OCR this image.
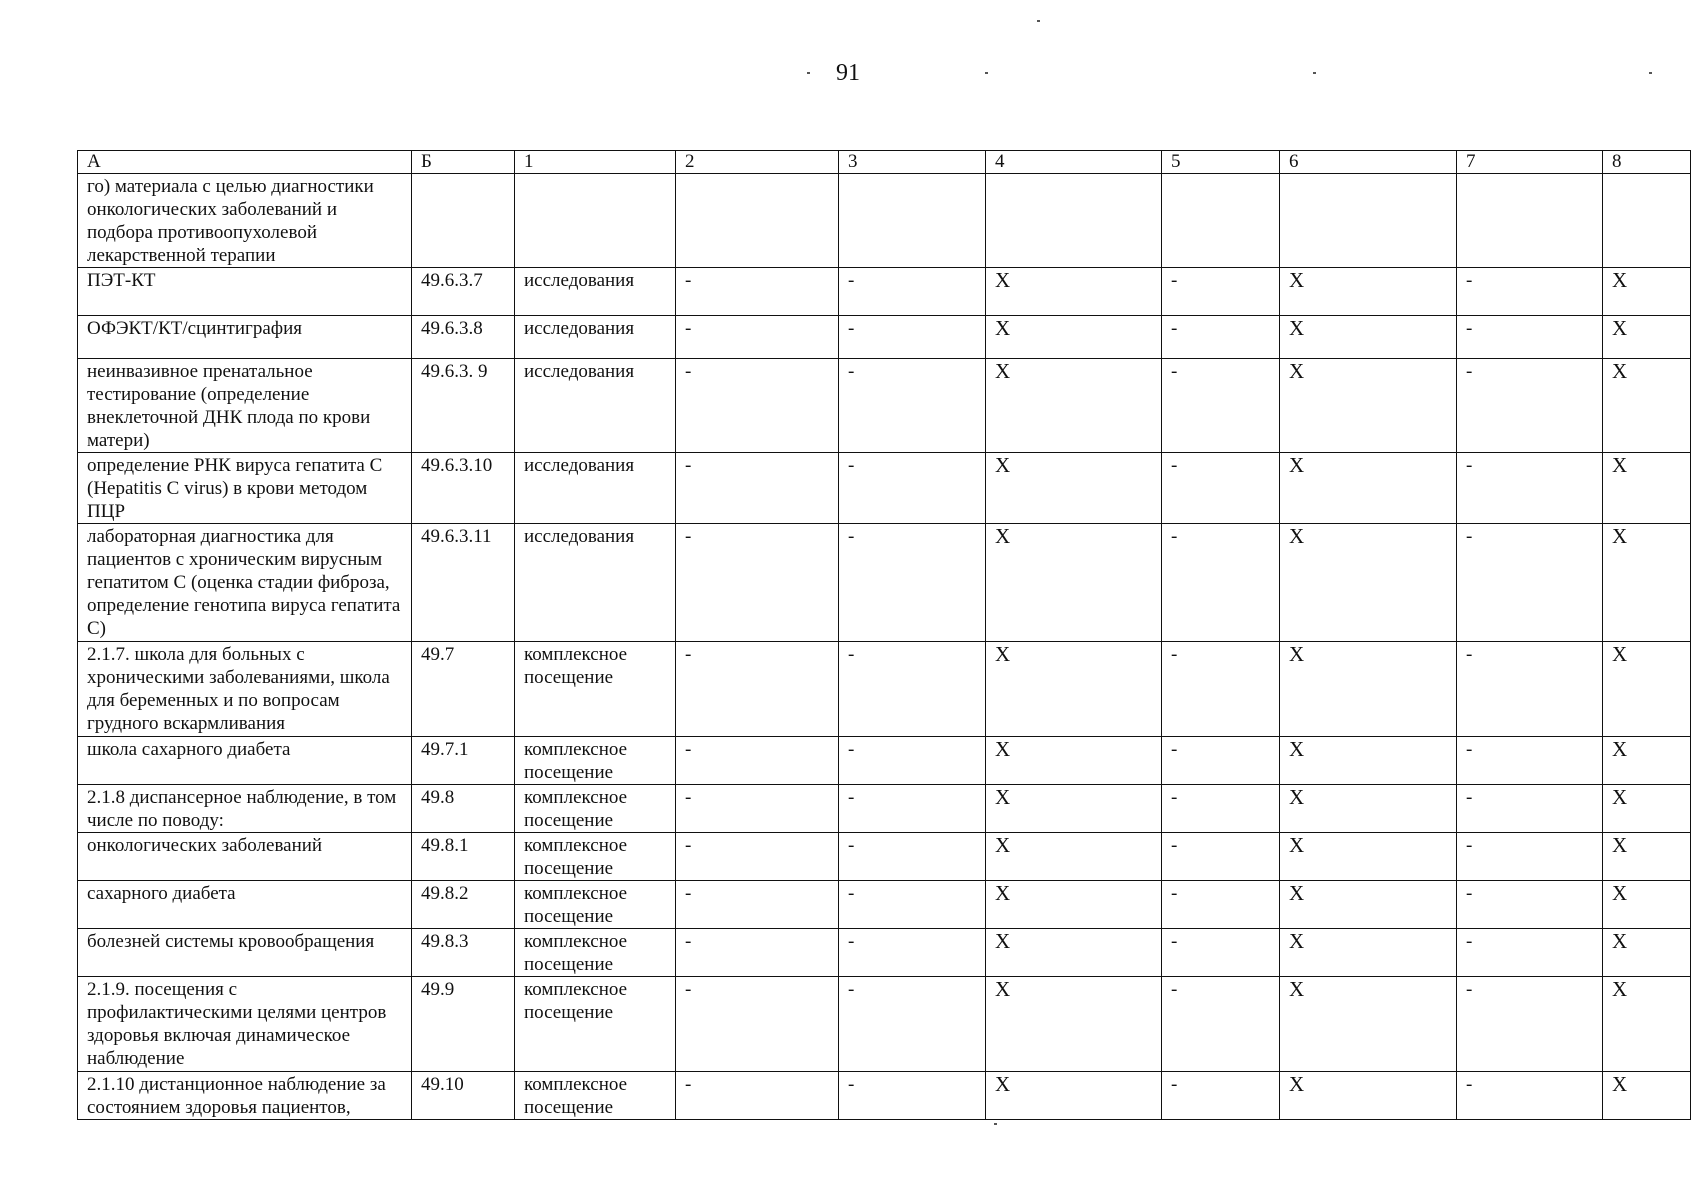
91
А	Б	1	2	3	4	5	6	7	8
го) материала с целью диагностики онкологических заболеваний и подбора противоопухолевой лекарственной терапии									
ПЭТ-КТ	49.6.3.7	исследования	-	-	X	-	X	-	X
ОФЭКТ/КТ/сцинтиграфия	49.6.3.8	исследования	-	-	X	-	X	-	X
неинвазивное пренатальное тестирование (определение внеклеточной ДНК плода по крови матери)	49.6.3. 9	исследования	-	-	X	-	X	-	X
определение РНК вируса гепатита С (Hepatitis C virus) в крови методом ПЦР	49.6.3.10	исследования	-	-	X	-	X	-	X
лабораторная диагностика для пациентов с хроническим вирусным гепатитом С (оценка стадии фиброза, определение генотипа вируса гепатита С)	49.6.3.11	исследования	-	-	X	-	X	-	X
2.1.7. школа для больных с хроническими заболеваниями, школа для беременных и по вопросам грудного вскармливания	49.7	комплексное посещение	-	-	X	-	X	-	X
школа сахарного диабета	49.7.1	комплексное посещение	-	-	X	-	X	-	X
2.1.8 диспансерное наблюдение, в том числе по поводу:	49.8	комплексное посещение	-	-	X	-	X	-	X
онкологических заболеваний	49.8.1	комплексное посещение	-	-	X	-	X	-	X
сахарного диабета	49.8.2	комплексное посещение	-	-	X	-	X	-	X
болезней системы кровообращения	49.8.3	комплексное посещение	-	-	X	-	X	-	X
2.1.9. посещения с профилактическими целями центров здоровья включая динамическое наблюдение	49.9	комплексное посещение	-	-	X	-	X	-	X
2.1.10 дистанционное наблюдение за состоянием здоровья пациентов,	49.10	комплексное посещение	-	-	X	-	X	-	X
